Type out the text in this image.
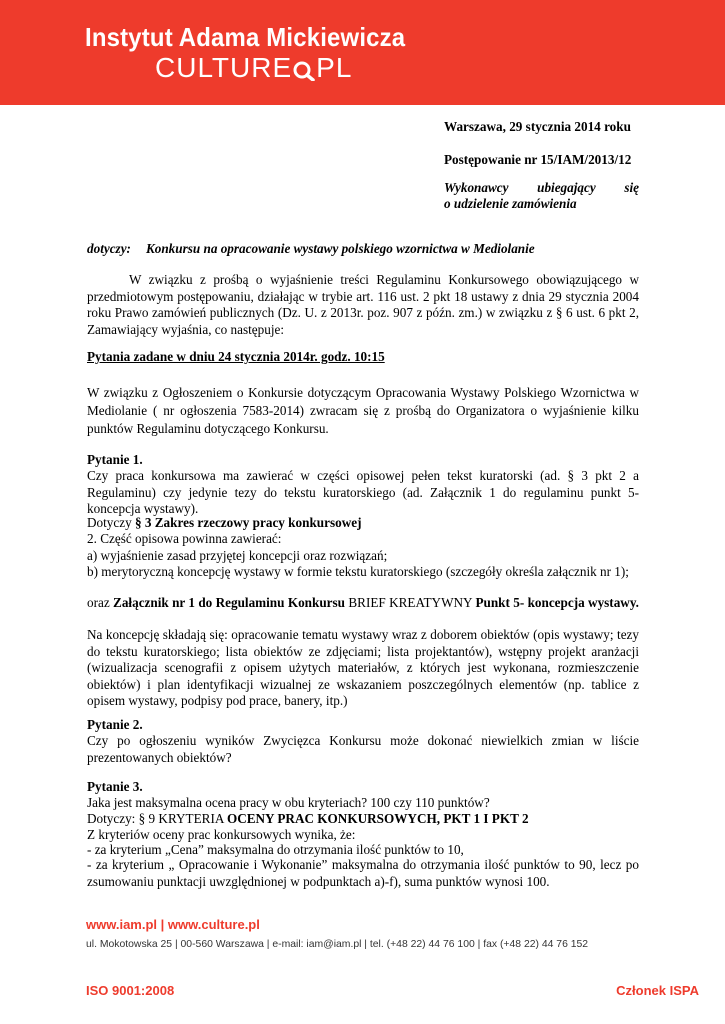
Instytut Adama Mickiewicza
CULTURE PL
Warszawa, 29 stycznia 2014 roku
Postępowanie nr 15/IAM/2013/12
Wykonawcy ubiegający się
o udzielenie zamówienia
dotyczy: Konkursu na opracowanie wystawy polskiego wzornictwa w Mediolanie
W związku z prośbą o wyjaśnienie treści Regulaminu Konkursowego obowiązującego w przedmiotowym postępowaniu, działając w trybie art. 116 ust. 2 pkt 18 ustawy z dnia 29 stycznia 2004 roku Prawo zamówień publicznych (Dz. U. z 2013r. poz. 907 z późn. zm.) w związku z § 6 ust. 6 pkt 2, Zamawiający wyjaśnia, co następuje:
Pytania zadane w dniu 24 stycznia 2014r. godz. 10:15
W związku z Ogłoszeniem o Konkursie dotyczącym Opracowania Wystawy Polskiego Wzornictwa w Mediolanie ( nr ogłoszenia 7583-2014) zwracam się z prośbą do Organizatora o wyjaśnienie kilku punktów Regulaminu dotyczącego Konkursu.
Pytanie 1.
Czy praca konkursowa ma zawierać w części opisowej pełen tekst kuratorski (ad. § 3 pkt 2 a Regulaminu) czy jedynie tezy do tekstu kuratorskiego (ad. Załącznik 1 do regulaminu punkt 5- koncepcja wystawy).
Dotyczy § 3 Zakres rzeczowy pracy konkursowej
2. Część opisowa powinna zawierać:
a) wyjaśnienie zasad przyjętej koncepcji oraz rozwiązań;
b) merytoryczną koncepcję wystawy w formie tekstu kuratorskiego (szczegóły określa załącznik nr 1);
oraz Załącznik nr 1 do Regulaminu Konkursu BRIEF KREATYWNY Punkt 5- koncepcja wystawy.
Na koncepcję składają się: opracowanie tematu wystawy wraz z doborem obiektów (opis wystawy; tezy do tekstu kuratorskiego; lista obiektów ze zdjęciami; lista projektantów), wstępny projekt aranżacji (wizualizacja scenografii z opisem użytych materiałów, z których jest wykonana, rozmieszczenie obiektów) i plan identyfikacji wizualnej ze wskazaniem poszczególnych elementów (np. tablice z opisem wystawy, podpisy pod prace, banery, itp.)
Pytanie 2.
Czy po ogłoszeniu wyników Zwycięzca Konkursu może dokonać niewielkich zmian w liście prezentowanych obiektów?
Pytanie 3.
Jaka jest maksymalna ocena pracy w obu kryteriach? 100 czy 110 punktów?
Dotyczy: § 9 KRYTERIA OCENY PRAC KONKURSOWYCH, PKT 1 I PKT 2
Z kryteriów oceny prac konkursowych wynika, że:
- za kryterium „Cena” maksymalna do otrzymania ilość punktów to 10,
- za kryterium „ Opracowanie i Wykonanie” maksymalna do otrzymania ilość punktów to 90, lecz po zsumowaniu punktacji uwzględnionej w podpunktach a)-f), suma punktów wynosi 100.
www.iam.pl | www.culture.pl
ul. Mokotowska 25 | 00-560 Warszawa | e-mail: iam@iam.pl | tel. (+48 22) 44 76 100 | fax (+48 22) 44 76 152
ISO 9001:2008	Członek ISPA
